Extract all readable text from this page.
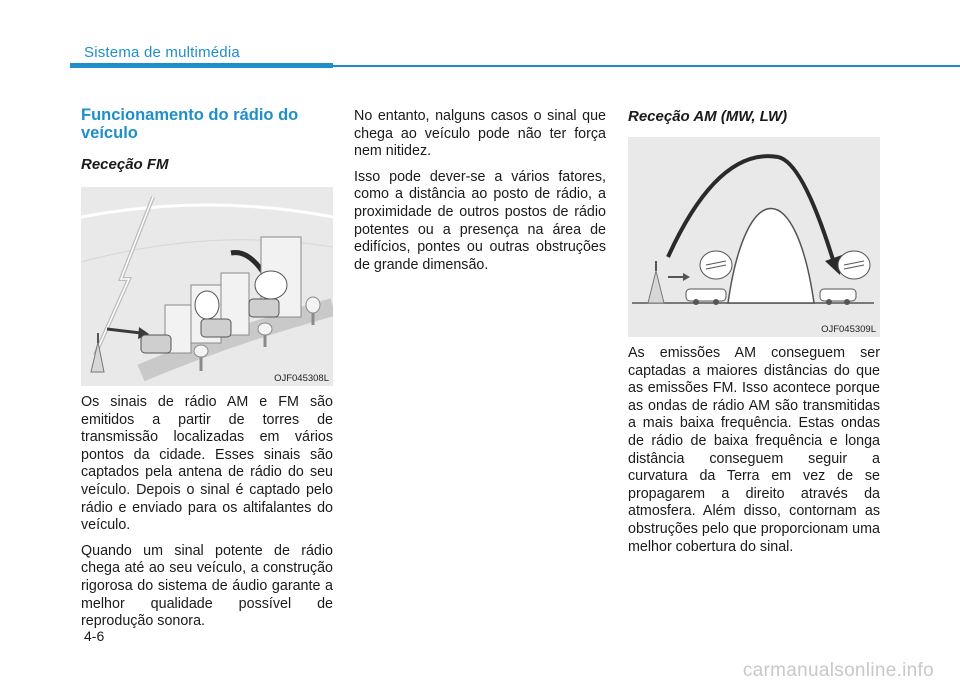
Sistema de multimédia
Funcionamento do rádio do veículo
Receção FM
OJF045308L

Os sinais de rádio AM e FM são emitidos a partir de torres de transmissão localizadas em vários pontos da cidade. Esses sinais são captados pela antena de rádio do seu veículo. Depois o sinal é captado pelo rádio e enviado para os altifalantes do veículo.

Quando um sinal potente de rádio chega até ao seu veículo, a construção rigorosa do sistema de áudio garante a melhor qualidade possível de reprodução sonora.

No entanto, nalguns casos o sinal que chega ao veículo pode não ter força nem nitidez.

Isso pode dever-se a vários fatores, como a distância ao posto de rádio, a proximidade de outros postos de rádio potentes ou a presença na área de edifícios, pontes ou outras obstruções de grande dimensão.

Receção AM (MW, LW)
OJF045309L

As emissões AM conseguem ser captadas a maiores distâncias do que as emissões FM. Isso acontece porque as ondas de rádio AM são transmitidas a mais baixa frequência. Estas ondas de rádio de baixa frequência e longa distância conseguem seguir a curvatura da Terra em vez de se propagarem a direito através da atmosfera. Além disso, contornam as obstruções pelo que proporcionam uma melhor cobertura do sinal.

4-6
carmanualsonline.info
